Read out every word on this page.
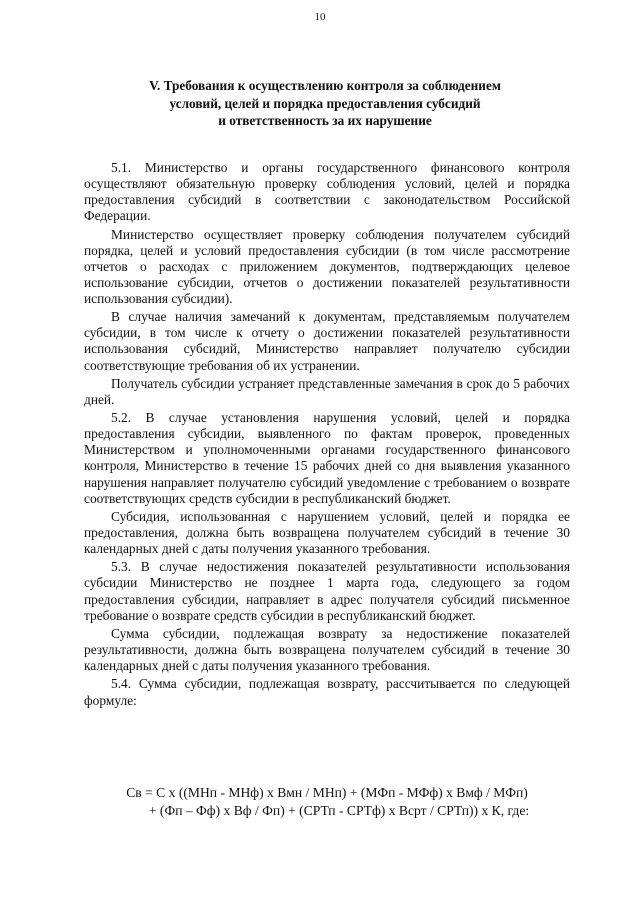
10
V. Требования к осуществлению контроля за соблюдением
условий, целей и порядка предоставления субсидий
и ответственность за их нарушение

5.1. Министерство и органы государственного финансового контроля осуществляют обязательную проверку соблюдения условий, целей и порядка предоставления субсидий в соответствии с законодательством Российской Федерации.

Министерство осуществляет проверку соблюдения получателем субсидий порядка, целей и условий предоставления субсидии (в том числе рассмотрение отчетов о расходах с приложением документов, подтверждающих целевое использование субсидии, отчетов о достижении показателей результативности использования субсидии).

В случае наличия замечаний к документам, представляемым получателем субсидии, в том числе к отчету о достижении показателей результативности использования субсидий, Министерство направляет получателю субсидии соответствующие требования об их устранении.

Получатель субсидии устраняет представленные замечания в срок до 5 рабочих дней.

5.2. В случае установления нарушения условий, целей и порядка предоставления субсидии, выявленного по фактам проверок, проведенных Министерством и уполномоченными органами государственного финансового контроля, Министерство в течение 15 рабочих дней со дня выявления указанного нарушения направляет получателю субсидий уведомление с требованием о возврате соответствующих средств субсидии в республиканский бюджет.

Субсидия, использованная с нарушением условий, целей и порядка ее предоставления, должна быть возвращена получателем субсидий в течение 30 календарных дней с даты получения указанного требования.

5.3. В случае недостижения показателей результативности использования субсидии Министерство не позднее 1 марта года, следующего за годом предоставления субсидии, направляет в адрес получателя субсидий письменное требование о возврате средств субсидии в республиканский бюджет.

Сумма субсидии, подлежащая возврату за недостижение показателей результативности, должна быть возвращена получателем субсидий в течение 30 календарных дней с даты получения указанного требования.

5.4. Сумма субсидии, подлежащая возврату, рассчитывается по следующей формуле:

Св = С х ((МНп - МНф) х Вмн / МНп) + (МФп - МФф) х Вмф / МФп)
+ (Фп – Фф) х Вф / Фп) + (СРТп - СРТф) х Всрт / СРТп)) х К, где:
